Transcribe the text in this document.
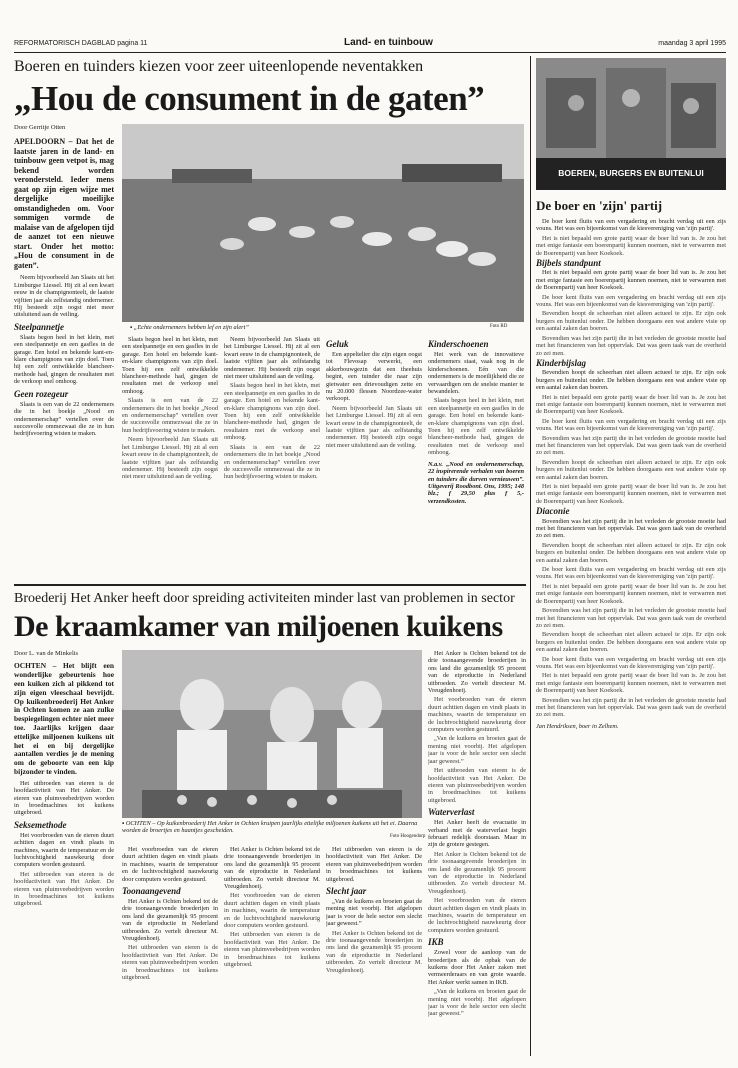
REFORMATORISCH DAGBLAD pagina 11	Land- en tuinbouw	maandag 3 april 1995
Boeren en tuinders kiezen voor zeer uiteenlopende neventakken
„Hou de consument in de gaten”
Door Gerritje Otten
APELDOORN – Dat het de laatste jaren in de land- en tuinbouw geen vetpot is, mag bekend worden verondersteld. Ieder mens gaat op zijn eigen wijze met dergelijke moeilijke omstandigheden om. Voor sommigen vormde de malaise van de afgelopen tijd de aanzet tot een nieuwe start. Onder het motto: „Hou de consument in de gaten”.

Neem bijvoorbeeld Jan Slaats uit het Limburgse Liessel. Hij zit al een kwart eeuw in de champignonteelt, de laatste vijftien jaar als zelfstandig ondernemer. Hij besteedt zijn oogst niet meer uitsluitend aan de veiling.

Steelpannetje

Slaats begon heel in het klein, met een steelpannetje en een gasfles in de garage. Een hotel en bekende kant-en-klare champignons van zijn doel. Toen hij een zelf ontwikkelde blancheer-methode had, gingen de resultaten met de verkoop snel omhoog.

Geen rozegeur

Slaats is een van de 22 ondernemers die in het boekje „Nood en ondernemerschap” vertellen over de succesvolle ommezwaai die ze in hun bedrijfsvoering wisten te maken.

▪ „Echte ondernemers hebben lef en zijn alert”	Foto RD

Slaats begon heel in het klein, met een steelpannetje en een gasfles in de garage. Een hotel en bekende kant-en-klare champignons van zijn doel. Toen hij een zelf ontwikkelde blancheer-methode had, gingen de resultaten met de verkoop snel omhoog.

Slaats is een van de 22 ondernemers die in het boekje „Nood en ondernemerschap” vertellen over de succesvolle ommezwaai die ze in hun bedrijfsvoering wisten te maken.

Neem bijvoorbeeld Jan Slaats uit het Limburgse Liessel. Hij zit al een kwart eeuw in de champignonteelt, de laatste vijftien jaar als zelfstandig ondernemer. Hij besteedt zijn oogst niet meer uitsluitend aan de veiling.

Neem bijvoorbeeld Jan Slaats uit het Limburgse Liessel. Hij zit al een kwart eeuw in de champignonteelt, de laatste vijftien jaar als zelfstandig ondernemer. Hij besteedt zijn oogst niet meer uitsluitend aan de veiling.

Slaats begon heel in het klein, met een steelpannetje en een gasfles in de garage. Een hotel en bekende kant-en-klare champignons van zijn doel. Toen hij een zelf ontwikkelde blancheer-methode had, gingen de resultaten met de verkoop snel omhoog.

Slaats is een van de 22 ondernemers die in het boekje „Nood en ondernemerschap” vertellen over de succesvolle ommezwaai die ze in hun bedrijfsvoering wisten te maken.

Geluk

Een appeltelier die zijn eigen oogst tot Flevosap verwerkt, een akkerbouwgezin dat een theehuis begint, een tuinder die naar zijn gietwater een drievoudigen zette en nu 20.000 flessen Noordzee-water verkoopt.

Neem bijvoorbeeld Jan Slaats uit het Limburgse Liessel. Hij zit al een kwart eeuw in de champignonteelt, de laatste vijftien jaar als zelfstandig ondernemer. Hij besteedt zijn oogst niet meer uitsluitend aan de veiling.

Kinderschoenen

Het werk van de innovatieve ondernemers staat, vaak nog in de kinderschoenen. Eén van die ondernemers is de moeilijkheid die ze vervaardigen om de snelste manier te bewandelen.

Slaats begon heel in het klein, met een steelpannetje en een gasfles in de garage. Een hotel en bekende kant-en-klare champignons van zijn doel. Toen hij een zelf ontwikkelde blancheer-methode had, gingen de resultaten met de verkoop snel omhoog.

N.a.v. „Nood en ondernemerschap, 22 inspirerende verhalen van boeren en tuinders die durven vernieuwen”. Uitgeverij Roodbont. Ons, 1995; 148 blz.; ƒ 29,50 plus ƒ 5,- verzendkosten.

BOEREN, BURGERS EN BUITENLUI
De boer en 'zijn' partij

De boer kent fluits van een vergadering en bracht verdag uit een zijs vouns. Het was een bijeenkomst van de kiesvereniging van 'zijn partij'.

Het is niet bepaald een grote partij waar de boer lid van is. Je zou het met enige fantasie een boerenpartij kunnen noemen, niet te verwarren met de Boerenpartij van heer Koekoek.

Bijbels standpunt

Het is niet bepaald een grote partij waar de boer lid van is. Je zou het met enige fantasie een boerenpartij kunnen noemen, niet te verwarren met de Boerenpartij van heer Koekoek.

De boer kent fluits van een vergadering en bracht verdag uit een zijs vouns. Het was een bijeenkomst van de kiesvereniging van 'zijn partij'.

Bevendien hoopt de scheerhan niet alleen actueel te zijn. Er zijn ook burgers en buitenlui onder. De hebben doorgaans een wat andere visie op een aantal zaken dan boeren.

Bovendien was het zijn partij die in het verleden de grootste moeite had met het financieren van het oppervlak. Dat was geen taak van de overheid zo zei men.

Kinderbijslag

Bevendien hoopt de scheerhan niet alleen actueel te zijn. Er zijn ook burgers en buitenlui onder. De hebben doorgaans een wat andere visie op een aantal zaken dan boeren.

Het is niet bepaald een grote partij waar de boer lid van is. Je zou het met enige fantasie een boerenpartij kunnen noemen, niet te verwarren met de Boerenpartij van heer Koekoek.

De boer kent fluits van een vergadering en bracht verdag uit een zijs vouns. Het was een bijeenkomst van de kiesvereniging van 'zijn partij'.

Bovendien was het zijn partij die in het verleden de grootste moeite had met het financieren van het oppervlak. Dat was geen taak van de overheid zo zei men.

Bevendien hoopt de scheerhan niet alleen actueel te zijn. Er zijn ook burgers en buitenlui onder. De hebben doorgaans een wat andere visie op een aantal zaken dan boeren.

Het is niet bepaald een grote partij waar de boer lid van is. Je zou het met enige fantasie een boerenpartij kunnen noemen, niet te verwarren met de Boerenpartij van heer Koekoek.

Diaconie

Bovendien was het zijn partij die in het verleden de grootste moeite had met het financieren van het oppervlak. Dat was geen taak van de overheid zo zei men.

Bevendien hoopt de scheerhan niet alleen actueel te zijn. Er zijn ook burgers en buitenlui onder. De hebben doorgaans een wat andere visie op een aantal zaken dan boeren.

De boer kent fluits van een vergadering en bracht verdag uit een zijs vouns. Het was een bijeenkomst van de kiesvereniging van 'zijn partij'.

Het is niet bepaald een grote partij waar de boer lid van is. Je zou het met enige fantasie een boerenpartij kunnen noemen, niet te verwarren met de Boerenpartij van heer Koekoek.

Bovendien was het zijn partij die in het verleden de grootste moeite had met het financieren van het oppervlak. Dat was geen taak van de overheid zo zei men.

Bevendien hoopt de scheerhan niet alleen actueel te zijn. Er zijn ook burgers en buitenlui onder. De hebben doorgaans een wat andere visie op een aantal zaken dan boeren.

De boer kent fluits van een vergadering en bracht verdag uit een zijs vouns. Het was een bijeenkomst van de kiesvereniging van 'zijn partij'.

Het is niet bepaald een grote partij waar de boer lid van is. Je zou het met enige fantasie een boerenpartij kunnen noemen, niet te verwarren met de Boerenpartij van heer Koekoek.

Bovendien was het zijn partij die in het verleden de grootste moeite had met het financieren van het oppervlak. Dat was geen taak van de overheid zo zei men.

Jan Hendriksen, boer in Zelhem.

Broederij Het Anker heeft door spreiding activiteiten minder last van problemen in sector
De kraamkamer van miljoenen kuikens
Door L. van de Minkelis
OCHTEN – Het blijft een wonderlijke gebeurtenis hoe een kuiken zich al pikkend tot zijn eigen vleeschaal bevrijdt. Op kuikenbroederij Het Anker in Ochten komen ze aan zulke bespiegelingen echter niet meer toe. Jaarlijks krijgen daar ettelijke miljoenen kuikens uit het ei en bij dergelijke aantallen verdies je de mening om de geboorte van een kip bijzonder te vinden.

Het uitbroeden van eieren is de hoofdactiviteit van Het Anker. De eieren van pluimveebedrijven worden in broedmachines tot kuikens uitgebroed.

Seksemethode

Het voorbroeden van de eieren duurt achttien dagen en vindt plaats in machines, waarin de temperatuur en de luchtvochtigheid nauwkeurig door computers worden gestuurd.

Het uitbroeden van eieren is de hoofdactiviteit van Het Anker. De eieren van pluimveebedrijven worden in broedmachines tot kuikens uitgebroed.

▪ OCHTEN – Op kuikenbroederij Het Anker in Ochten kruipen jaarlijks ettelijke miljoenen kuikens uit het ei. Daarna worden de broertjes en haantjes gescheiden.
Foto Hoogendorp

Het voorbroeden van de eieren duurt achttien dagen en vindt plaats in machines, waarin de temperatuur en de luchtvochtigheid nauwkeurig door computers worden gestuurd.

Toonaangevend

Het Anker is Ochten bekend tot de drie toonaangevende broederijen in ons land die gezamenlijk 95 procent van de eiproductie in Nederland uitbroeden. Zo vertelt directeur M. Vreugdenhoeij.

Het uitbroeden van eieren is de hoofdactiviteit van Het Anker. De eieren van pluimveebedrijven worden in broedmachines tot kuikens uitgebroed.

Het Anker is Ochten bekend tot de drie toonaangevende broederijen in ons land die gezamenlijk 95 procent van de eiproductie in Nederland uitbroeden. Zo vertelt directeur M. Vreugdenhoeij.

Het voorbroeden van de eieren duurt achttien dagen en vindt plaats in machines, waarin de temperatuur en de luchtvochtigheid nauwkeurig door computers worden gestuurd.

Het uitbroeden van eieren is de hoofdactiviteit van Het Anker. De eieren van pluimveebedrijven worden in broedmachines tot kuikens uitgebroed.

Het uitbroeden van eieren is de hoofdactiviteit van Het Anker. De eieren van pluimveebedrijven worden in broedmachines tot kuikens uitgebroed.

Slecht jaar

„Van de kuikens en broeien gaat de mening niet voorbij. Het afgelopen jaar is voor de hele sector een slecht jaar geweest.”

Het Anker is Ochten bekend tot de drie toonaangevende broederijen in ons land die gezamenlijk 95 procent van de eiproductie in Nederland uitbroeden. Zo vertelt directeur M. Vreugdenhoeij.

Het Anker is Ochten bekend tot de drie toonaangevende broederijen in ons land die gezamenlijk 95 procent van de eiproductie in Nederland uitbroeden. Zo vertelt directeur M. Vreugdenhoeij.

Het voorbroeden van de eieren duurt achttien dagen en vindt plaats in machines, waarin de temperatuur en de luchtvochtigheid nauwkeurig door computers worden gestuurd.

„Van de kuikens en broeien gaat de mening niet voorbij. Het afgelopen jaar is voor de hele sector een slecht jaar geweest.”

Het uitbroeden van eieren is de hoofdactiviteit van Het Anker. De eieren van pluimveebedrijven worden in broedmachines tot kuikens uitgebroed.

Waterverlast

Het Anker heeft de evacuatie in verband met de waterverlast begin februari redelijk doorstaan. Maar in zijn de grotere gestegen.

Het Anker is Ochten bekend tot de drie toonaangevende broederijen in ons land die gezamenlijk 95 procent van de eiproductie in Nederland uitbroeden. Zo vertelt directeur M. Vreugdenhoeij.

Het voorbroeden van de eieren duurt achttien dagen en vindt plaats in machines, waarin de temperatuur en de luchtvochtigheid nauwkeurig door computers worden gestuurd.

IKB

Zowel voor de aanloop van de broederijen als de opbak van de kuikens door Het Anker zaken met vermeerderaars en van grote waarde. Het Anker werkt samen in IKB.

„Van de kuikens en broeien gaat de mening niet voorbij. Het afgelopen jaar is voor de hele sector een slecht jaar geweest.”
